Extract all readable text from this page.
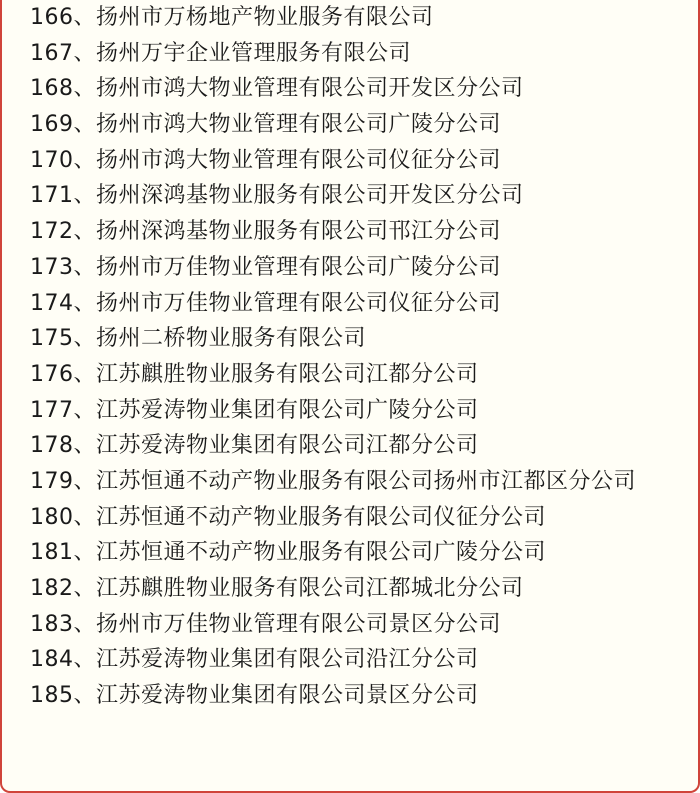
166、扬州市万杨地产物业服务有限公司
167、扬州万宇企业管理服务有限公司
168、扬州市鸿大物业管理有限公司开发区分公司
169、扬州市鸿大物业管理有限公司广陵分公司
170、扬州市鸿大物业管理有限公司仪征分公司
171、扬州深鸿基物业服务有限公司开发区分公司
172、扬州深鸿基物业服务有限公司邗江分公司
173、扬州市万佳物业管理有限公司广陵分公司
174、扬州市万佳物业管理有限公司仪征分公司
175、扬州二桥物业服务有限公司
176、江苏麒胜物业服务有限公司江都分公司
177、江苏爱涛物业集团有限公司广陵分公司
178、江苏爱涛物业集团有限公司江都分公司
179、江苏恒通不动产物业服务有限公司扬州市江都区分公司
180、江苏恒通不动产物业服务有限公司仪征分公司
181、江苏恒通不动产物业服务有限公司广陵分公司
182、江苏麒胜物业服务有限公司江都城北分公司
183、扬州市万佳物业管理有限公司景区分公司
184、江苏爱涛物业集团有限公司沿江分公司
185、江苏爱涛物业集团有限公司景区分公司
